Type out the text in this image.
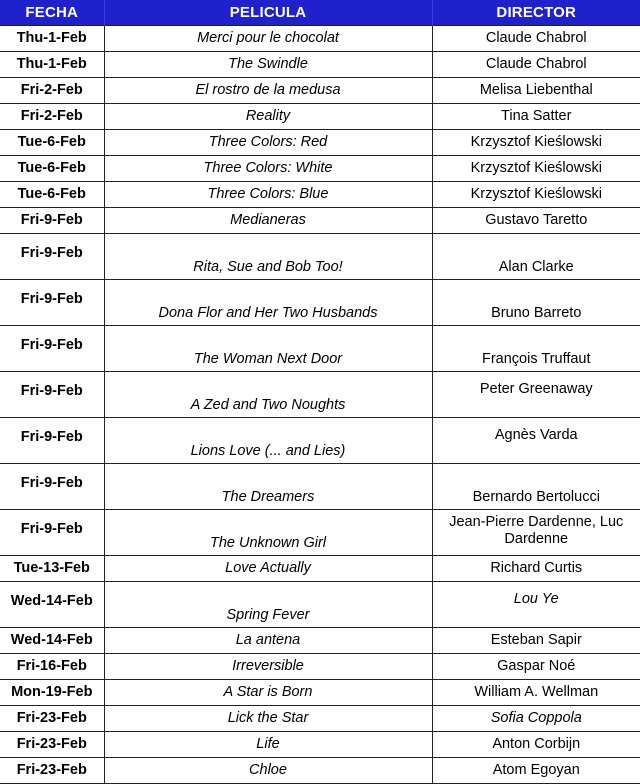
FECHA	PELICULA	DIRECTOR
Thu-1-Feb	Merci pour le chocolat	Claude Chabrol
Thu-1-Feb	The Swindle	Claude Chabrol
Fri-2-Feb	El rostro de la medusa	Melisa Liebenthal
Fri-2-Feb	Reality	Tina Satter
Tue-6-Feb	Three Colors: Red	Krzysztof Kieślowski
Tue-6-Feb	Three Colors: White	Krzysztof Kieślowski
Tue-6-Feb	Three Colors: Blue	Krzysztof Kieślowski
Fri-9-Feb	Medianeras	Gustavo Taretto
Fri-9-Feb	Rita, Sue and Bob Too!	Alan Clarke
Fri-9-Feb	Dona Flor and Her Two Husbands	Bruno Barreto
Fri-9-Feb	The Woman Next Door	François Truffaut
Fri-9-Feb	A Zed and Two Noughts	Peter Greenaway
Fri-9-Feb	Lions Love (... and Lies)	Agnès Varda
Fri-9-Feb	The Dreamers	Bernardo Bertolucci
Fri-9-Feb	The Unknown Girl	Jean-Pierre Dardenne, Luc Dardenne
Tue-13-Feb	Love Actually	Richard Curtis
Wed-14-Feb	Spring Fever	Lou Ye
Wed-14-Feb	La antena	Esteban Sapir
Fri-16-Feb	Irreversible	Gaspar Noé
Mon-19-Feb	A Star is Born	William A. Wellman
Fri-23-Feb	Lick the Star	Sofia Coppola
Fri-23-Feb	Life	Anton Corbijn
Fri-23-Feb	Chloe	Atom Egoyan
